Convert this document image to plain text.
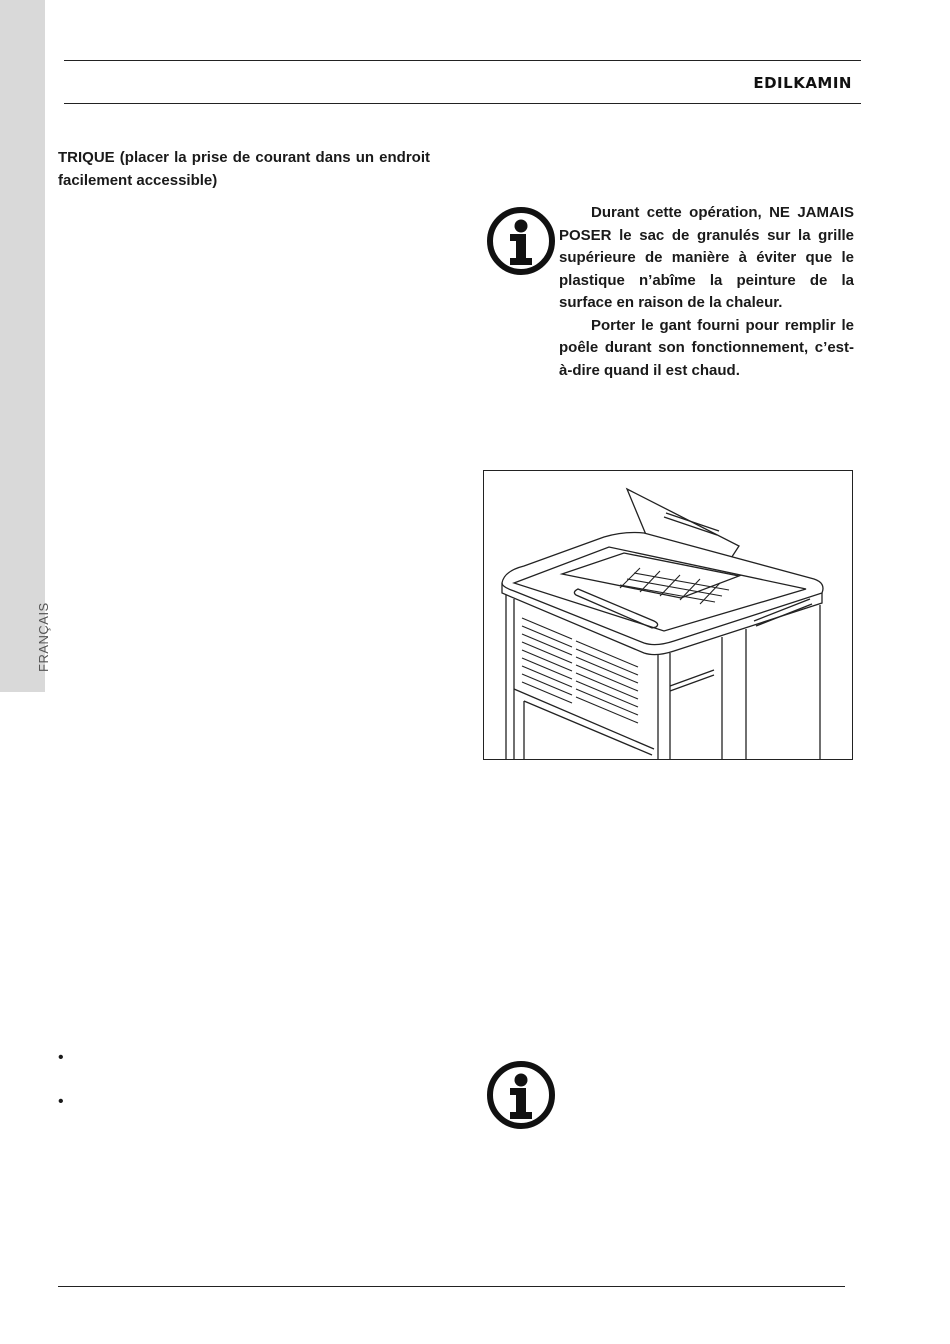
FRANÇAIS
EDILKAMIN

TRIQUE (placer la prise de courant dans un endroit facilement accessible)

Durant cette opération, NE JAMAIS POSER le sac de granulés sur la grille supérieure de manière à éviter que le plastique n’abîme la peinture de la surface en raison de la chaleur.

Porter le gant fourni pour remplir le poêle durant son fonctionnement, c’est-à-dire quand il est chaud.

•
•
